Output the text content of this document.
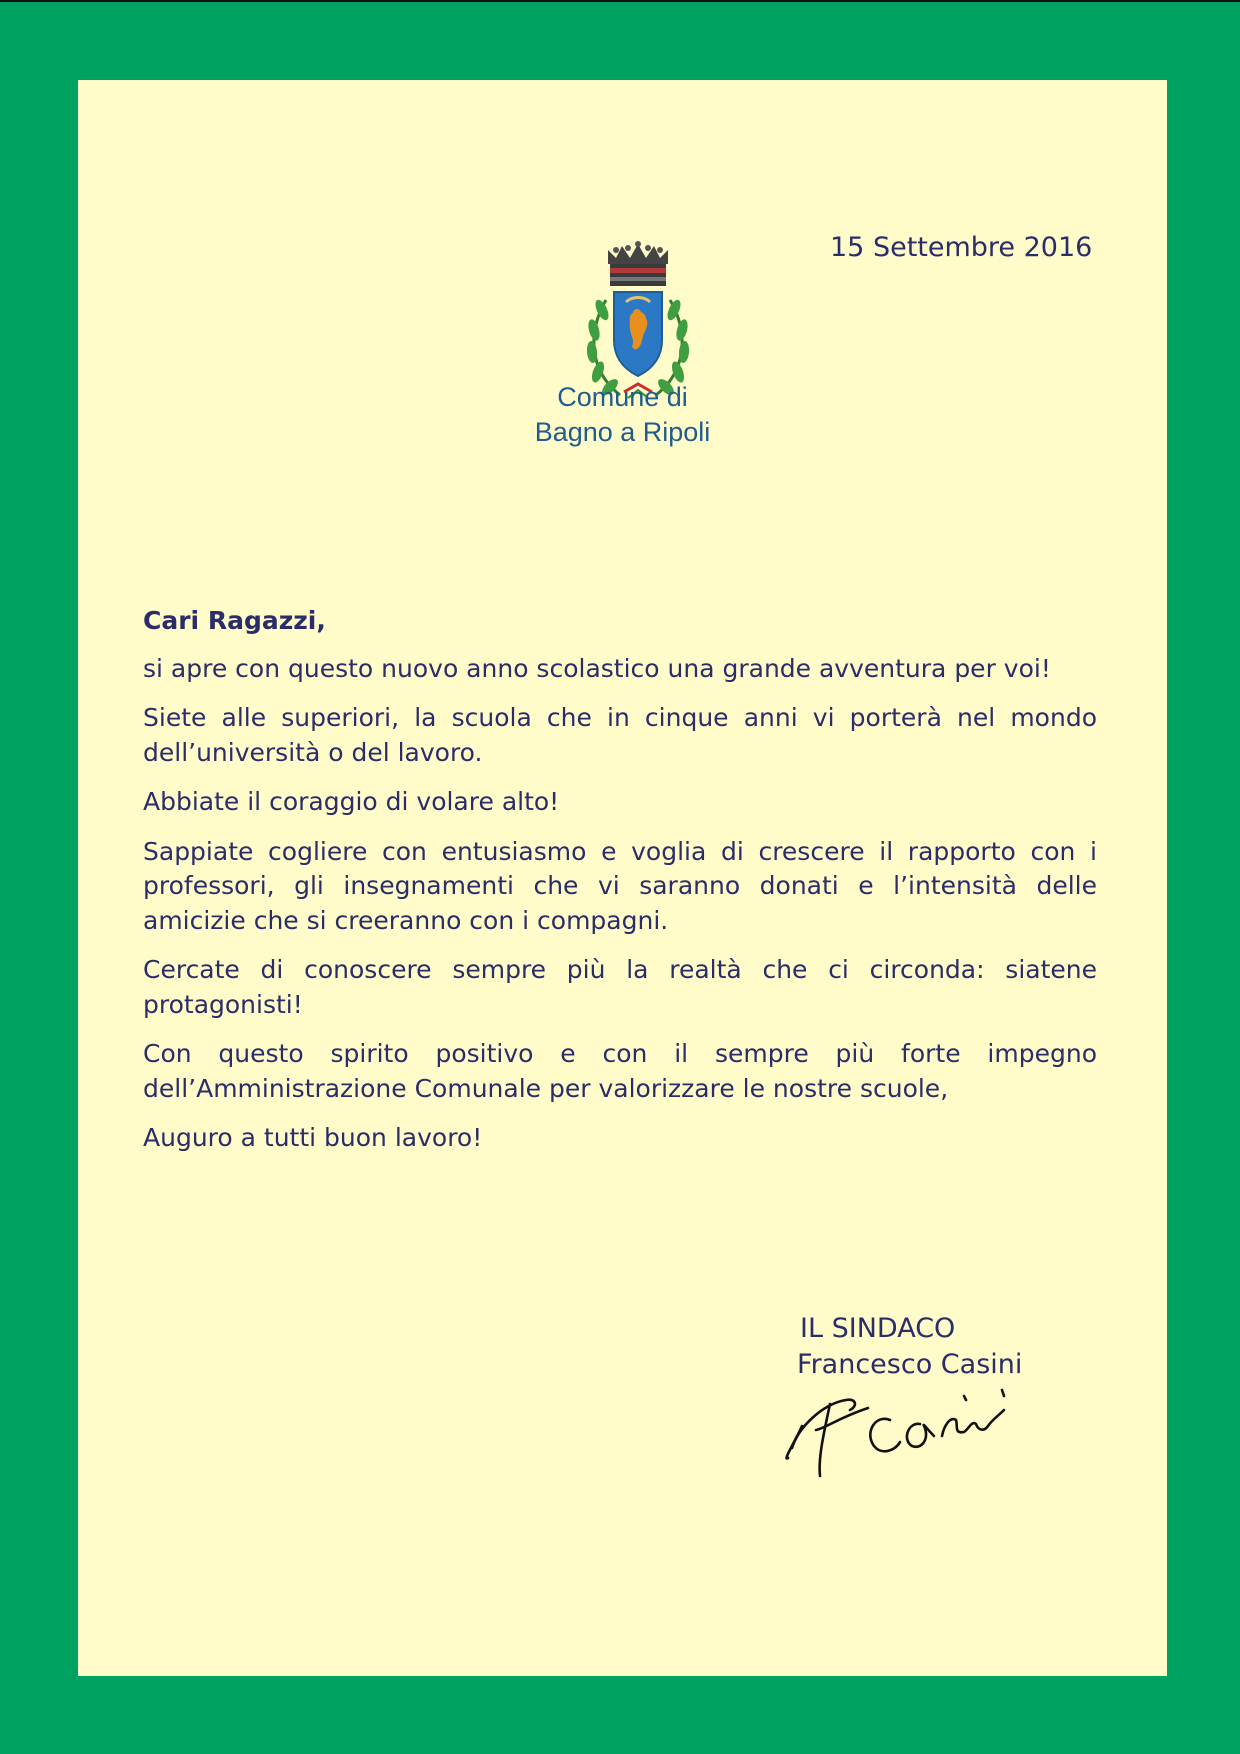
15 Settembre 2016
Comune di
Bagno a Ripoli

Cari Ragazzi,

si apre con questo nuovo anno scolastico una grande avventura per voi!

Siete alle superiori, la scuola che in cinque anni vi porterà nel mondo dell’università o del lavoro.

Abbiate il coraggio di volare alto!

Sappiate cogliere con entusiasmo e voglia di crescere il rapporto con i professori, gli insegnamenti che vi saranno donati e l’intensità delle amicizie che si creeranno con i compagni.

Cercate di conoscere sempre più la realtà che ci circonda: siatene protagonisti!

Con questo spirito positivo e con il sempre più forte impegno dell’Amministrazione Comunale per valorizzare le nostre scuole,

Auguro a tutti buon lavoro!

IL SINDACO
Francesco Casini
